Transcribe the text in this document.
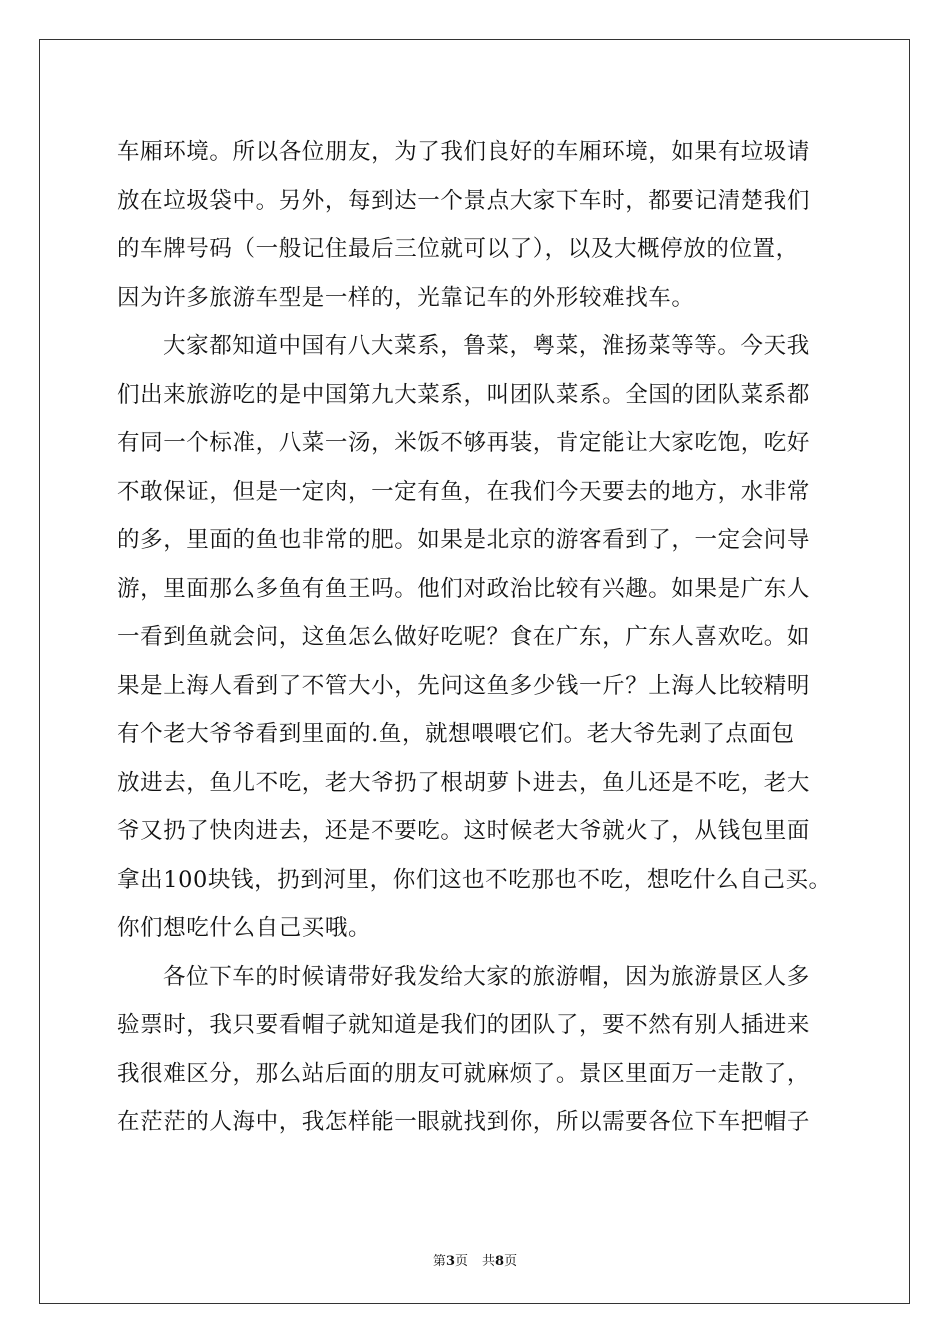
车厢环境。所以各位朋友，为了我们良好的车厢环境，如果有垃圾请

放在垃圾袋中。另外，每到达一个景点大家下车时，都要记清楚我们

的车牌号码（一般记住最后三位就可以了），以及大概停放的位置，

因为许多旅游车型是一样的，光靠记车的外形较难找车。

大家都知道中国有八大菜系，鲁菜，粤菜，淮扬菜等等。今天我

们出来旅游吃的是中国第九大菜系，叫团队菜系。全国的团队菜系都

有同一个标准，八菜一汤，米饭不够再装，肯定能让大家吃饱，吃好

不敢保证，但是一定肉，一定有鱼，在我们今天要去的地方，水非常

的多，里面的鱼也非常的肥。如果是北京的游客看到了，一定会问导

游，里面那么多鱼有鱼王吗。他们对政治比较有兴趣。如果是广东人

一看到鱼就会问，这鱼怎么做好吃呢？食在广东，广东人喜欢吃。如

果是上海人看到了不管大小，先问这鱼多少钱一斤？上海人比较精明

有个老大爷爷看到里面的.鱼，就想喂喂它们。老大爷先剥了点面包

放进去，鱼儿不吃，老大爷扔了根胡萝卜进去，鱼儿还是不吃，老大

爷又扔了快肉进去，还是不要吃。这时候老大爷就火了，从钱包里面

拿出100块钱，扔到河里，你们这也不吃那也不吃，想吃什么自己买。

你们想吃什么自己买哦。

各位下车的时候请带好我发给大家的旅游帽，因为旅游景区人多

验票时，我只要看帽子就知道是我们的团队了，要不然有别人插进来

我很难区分，那么站后面的朋友可就麻烦了。景区里面万一走散了，

在茫茫的人海中，我怎样能一眼就找到你，所以需要各位下车把帽子

第3页 共8页
